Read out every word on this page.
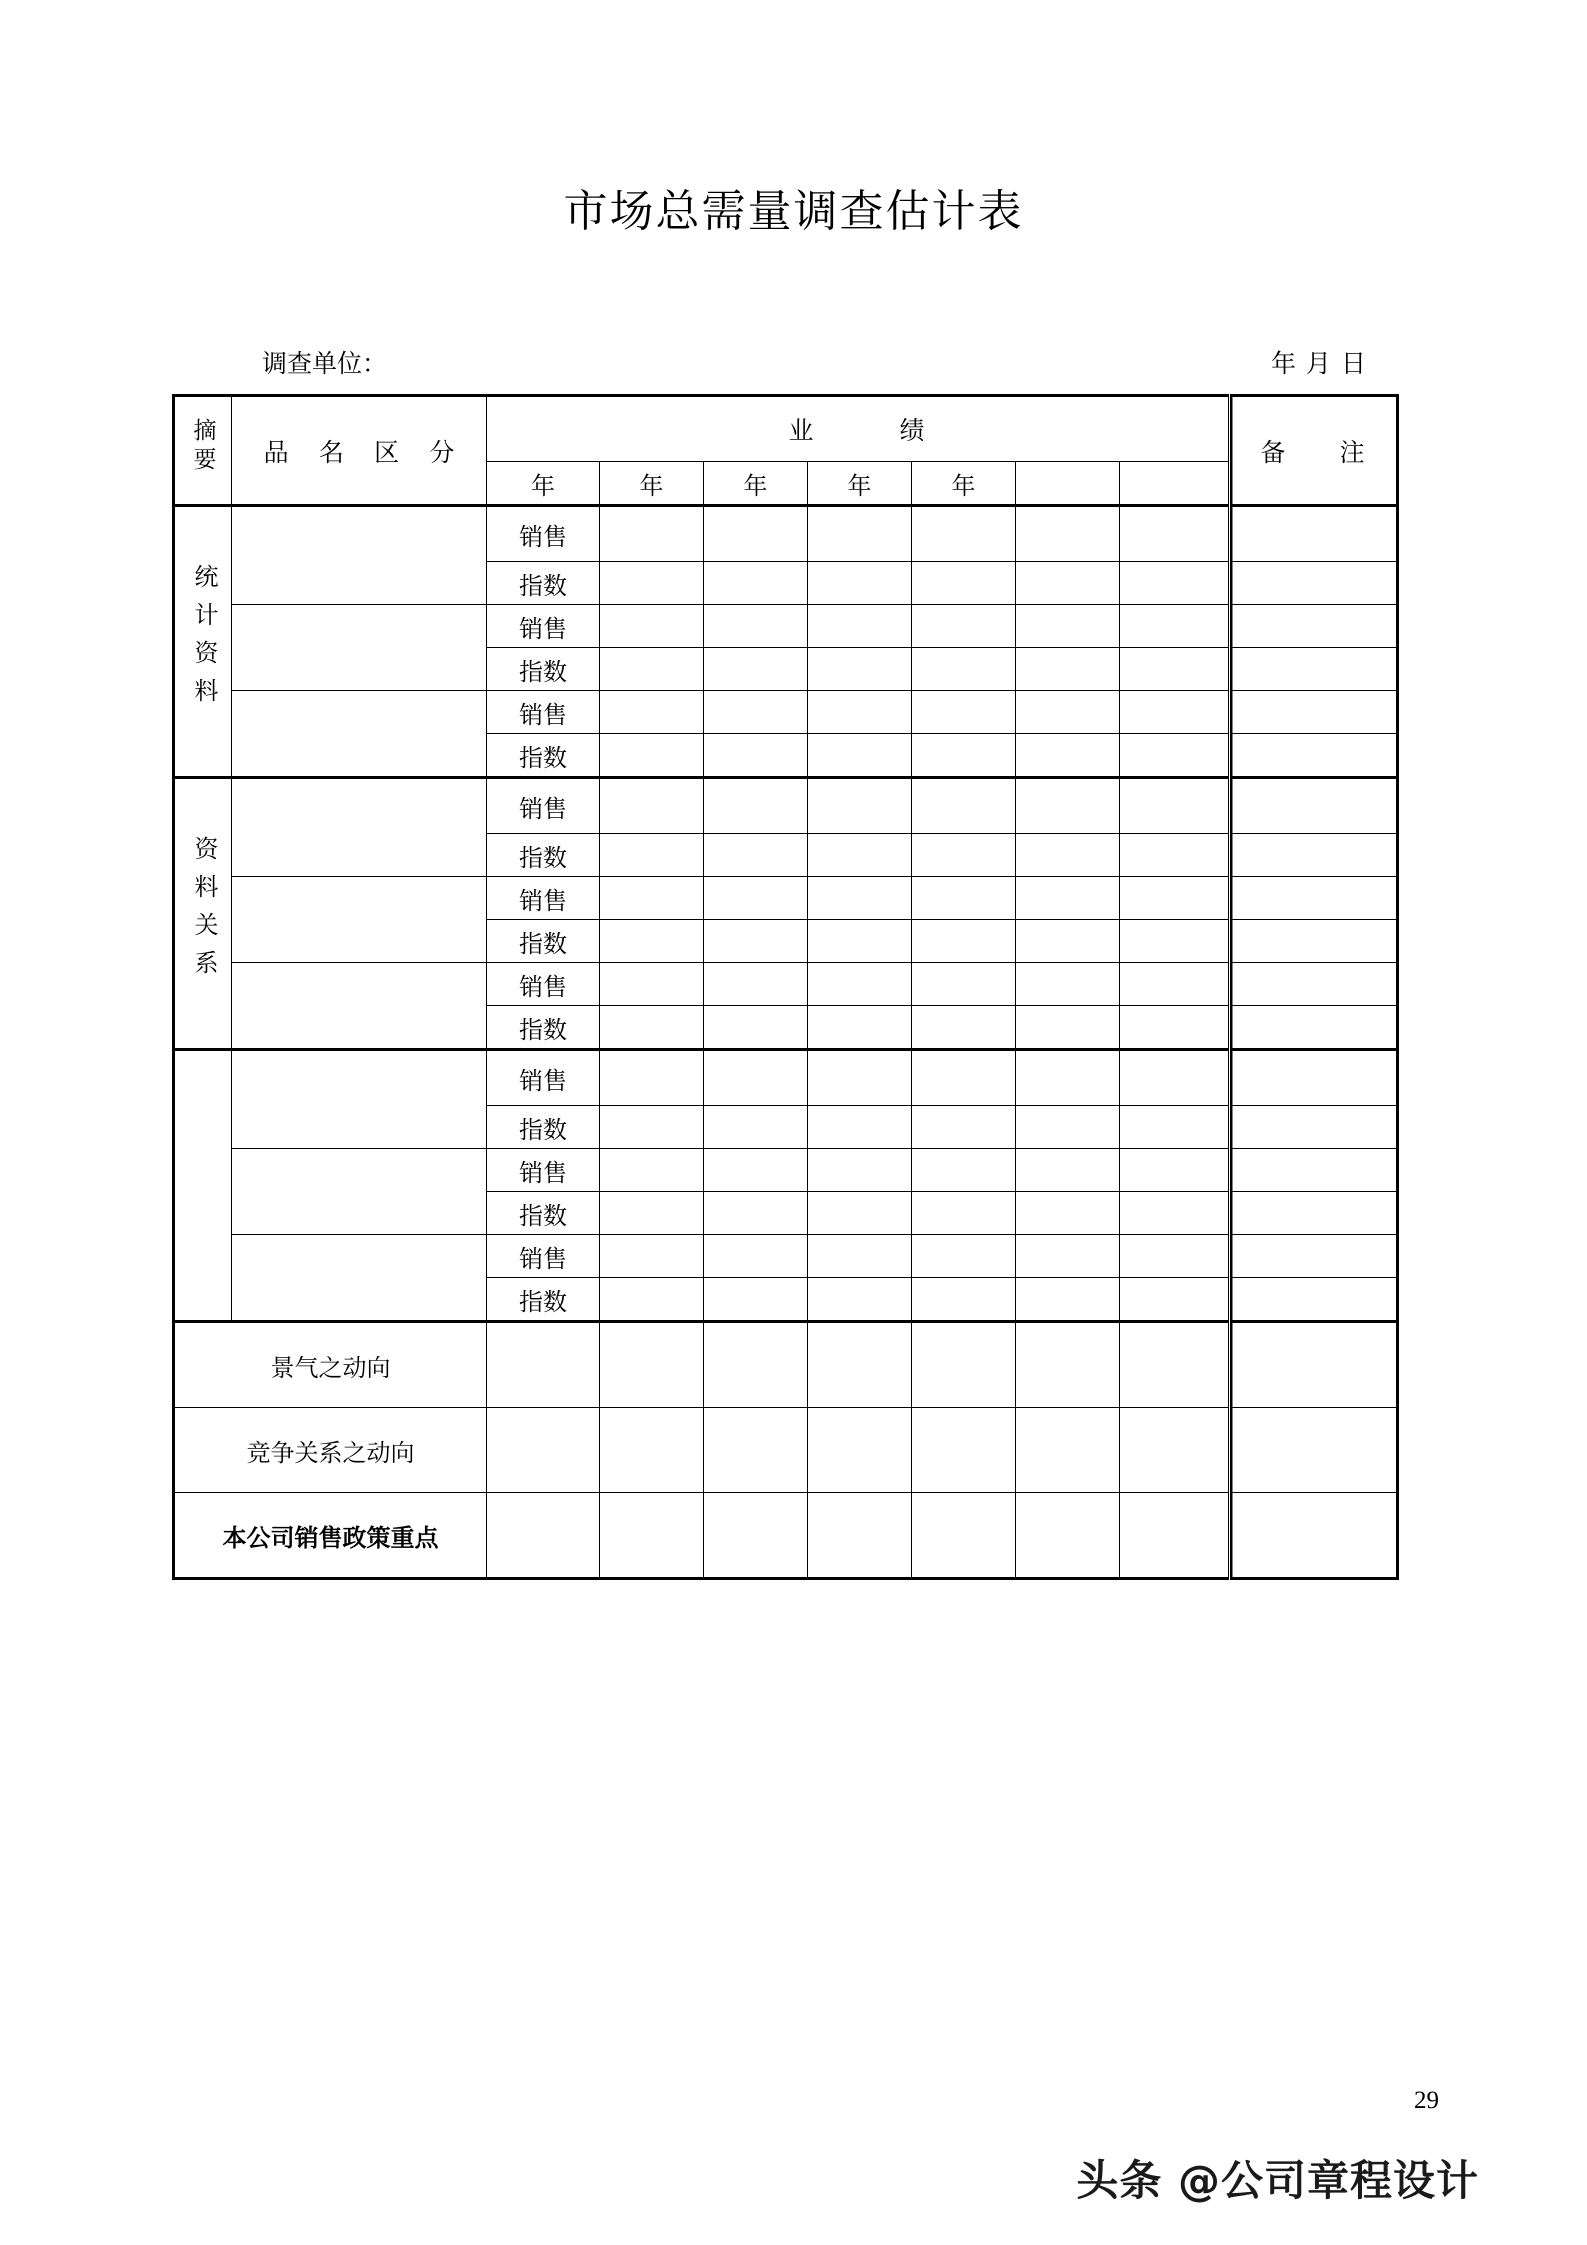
市场总需量调查估计表
调查单位：	年月日
摘要	品 名 区 分	业 绩							备 注
		年	年	年	年	年			
统计资料		销售							
		指数							
		销售							
		指数							
		销售							
		指数							
资料关系		销售							
		指数							
		销售							
		指数							
		销售							
		指数							
		销售							
		指数							
		销售							
		指数							
		销售							
		指数							
景气之动向									
竞争关系之动向									
本公司销售政策重点									
29
头条 @公司章程设计
